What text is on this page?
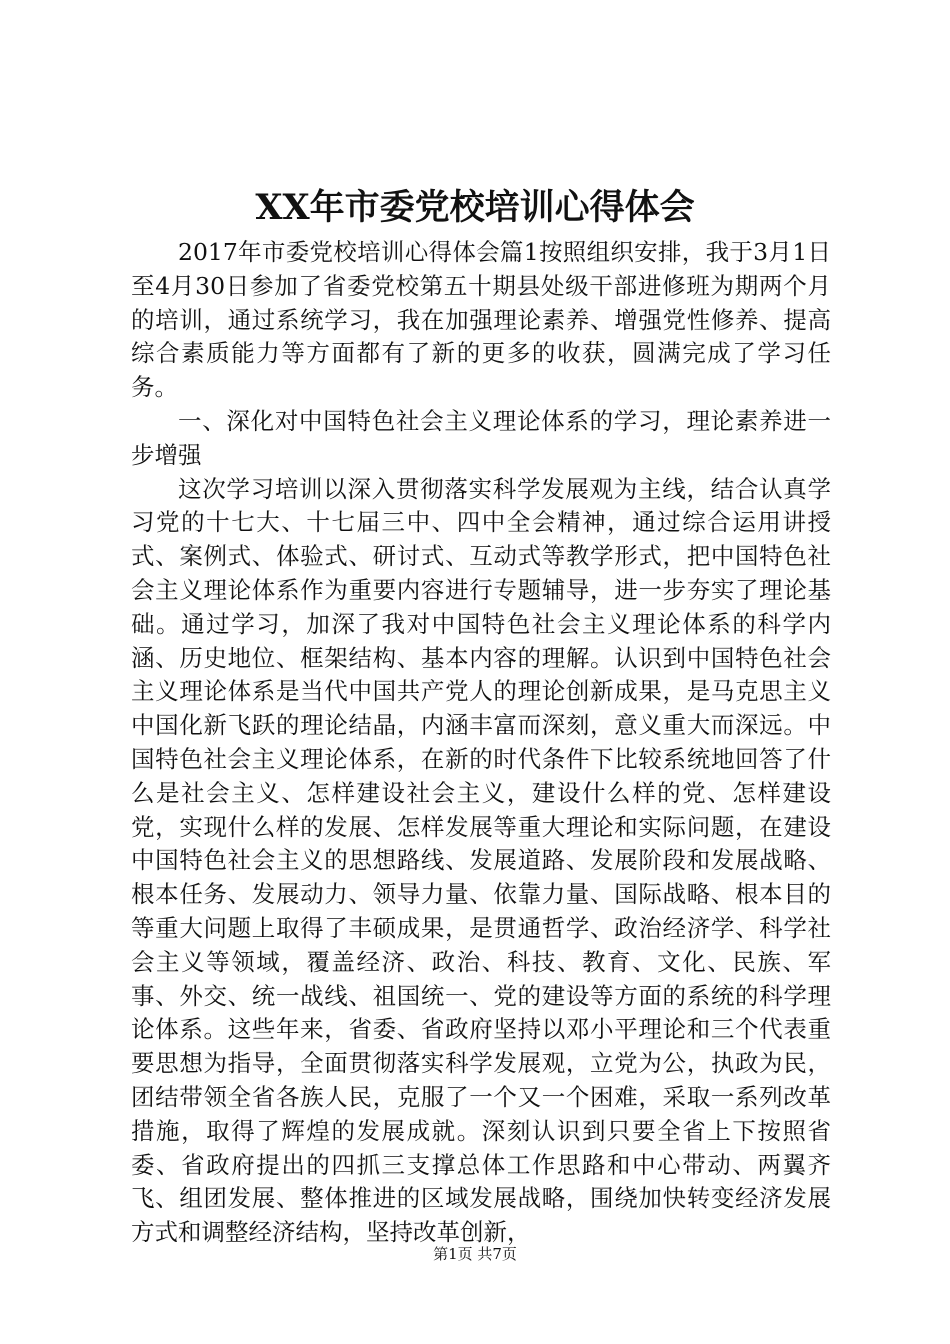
XX年市委党校培训心得体会

2017年市委党校培训心得体会篇1按照组织安排，我于3月1日至4月30日参加了省委党校第五十期县处级干部进修班为期两个月的培训，通过系统学习，我在加强理论素养、增强党性修养、提高综合素质能力等方面都有了新的更多的收获，圆满完成了学习任务。

一、深化对中国特色社会主义理论体系的学习，理论素养进一步增强

这次学习培训以深入贯彻落实科学发展观为主线，结合认真学习党的十七大、十七届三中、四中全会精神，通过综合运用讲授式、案例式、体验式、研讨式、互动式等教学形式，把中国特色社会主义理论体系作为重要内容进行专题辅导，进一步夯实了理论基础。通过学习，加深了我对中国特色社会主义理论体系的科学内涵、历史地位、框架结构、基本内容的理解。认识到中国特色社会主义理论体系是当代中国共产党人的理论创新成果，是马克思主义中国化新飞跃的理论结晶，内涵丰富而深刻，意义重大而深远。中国特色社会主义理论体系，在新的时代条件下比较系统地回答了什么是社会主义、怎样建设社会主义，建设什么样的党、怎样建设党，实现什么样的发展、怎样发展等重大理论和实际问题，在建设中国特色社会主义的思想路线、发展道路、发展阶段和发展战略、根本任务、发展动力、领导力量、依靠力量、国际战略、根本目的等重大问题上取得了丰硕成果，是贯通哲学、政治经济学、科学社会主义等领域，覆盖经济、政治、科技、教育、文化、民族、军事、外交、统一战线、祖国统一、党的建设等方面的系统的科学理论体系。这些年来，省委、省政府坚持以邓小平理论和三个代表重要思想为指导，全面贯彻落实科学发展观，立党为公，执政为民，团结带领全省各族人民，克服了一个又一个困难，采取一系列改革措施，取得了辉煌的发展成就。深刻认识到只要全省上下按照省委、省政府提出的四抓三支撑总体工作思路和中心带动、两翼齐飞、组团发展、整体推进的区域发展战略，围绕加快转变经济发展方式和调整经济结构，坚持改革创新，

第1页 共7页
